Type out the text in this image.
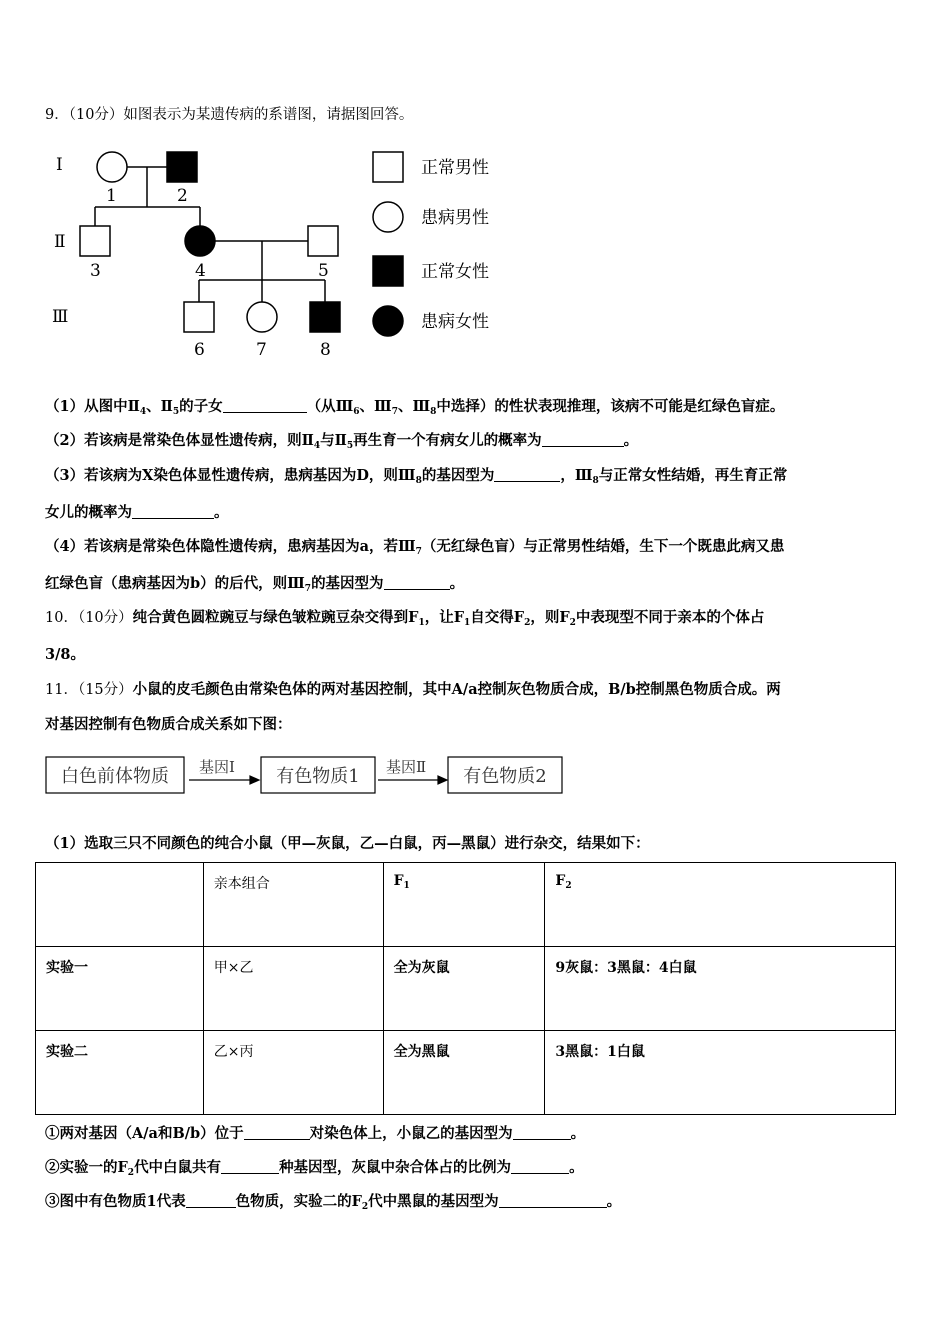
9．（10分）如图表示为某遗传病的系谱图，请据图回答。
I
Ⅱ
Ⅲ
1	2
3	4	5
6	7	8
正常男性
患病男性
正常女性
患病女性
（1）从图中$Ⅱ_4$、$Ⅱ_5$的子女	（从$Ⅲ_6$、$Ⅲ_7$、$Ⅲ_8$中选择）的性状表现推理，该病不可能是红绿色盲症。
（2）若该病是常染色体显性遗传病，则$Ⅱ_4$与$Ⅱ_5$再生育一个有病女儿的概率为	。
（3）若该病为X染色体显性遗传病，患病基因为D，则$Ⅲ_8$的基因型为	，$Ⅲ_8$与正常女性结婚，再生育正常
女儿的概率为	。
（4）若该病是常染色体隐性遗传病，患病基因为a，若$Ⅲ_7$（无红绿色盲）与正常男性结婚，生下一个既患此病又患
红绿色盲（患病基因为b）的后代，则$Ⅲ_7$的基因型为	。
10．（10分）纯合黄色圆粒豌豆与绿色皱粒豌豆杂交得到$F_1$，让$F_1$自交得$F_2$，则$F_2$中表现型不同于亲本的个体占
3/8。
11．（15分）小鼠的皮毛颜色由常染色体的两对基因控制，其中A/a控制灰色物质合成，B/b控制黑色物质合成。两
对基因控制有色物质合成关系如下图：
白色前体物质 基因Ⅰ 有色物质1 基因Ⅱ 有色物质2
（1）选取三只不同颜色的纯合小鼠（甲—灰鼠，乙—白鼠，丙—黑鼠）进行杂交，结果如下：
	亲本组合	$F_1$	$F_2$
实验一	甲×乙	全为灰鼠	9灰鼠：3黑鼠：4白鼠
实验二	乙×丙	全为黑鼠	3黑鼠：1白鼠
①两对基因（A/a和B/b）位于	对染色体上，小鼠乙的基因型为	。
②实验一的$F_2$代中白鼠共有	种基因型，灰鼠中杂合体占的比例为	。
③图中有色物质1代表	色物质，实验二的$F_2$代中黑鼠的基因型为	。
